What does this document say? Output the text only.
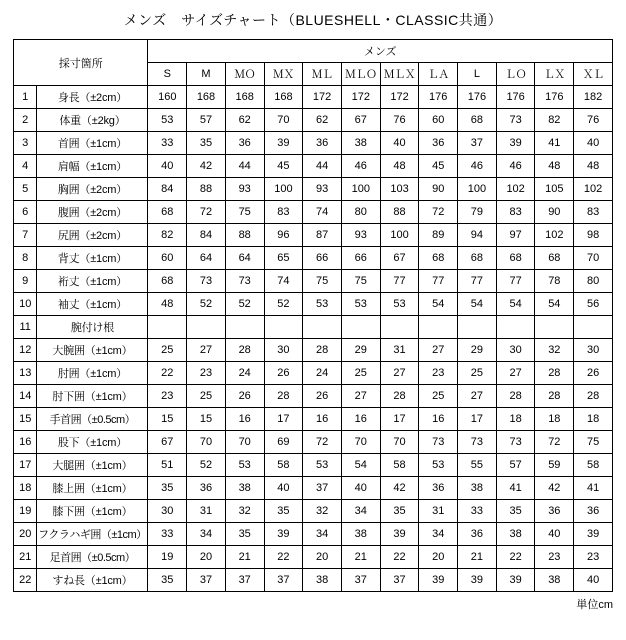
メンズ　サイズチャート（BLUESHELL・CLASSIC共通）
採寸箇所		メンズ											
		S	M	ＭＯ	ＭＸ	ＭＬ	ＭＬＯ	ＭＬＸ	ＬＡ	L	ＬＯ	ＬＸ	ＸＬ
1	身長（±2cm）	160	168	168	168	172	172	172	176	176	176	176	182
2	体重（±2kg）	53	57	62	70	62	67	76	60	68	73	82	76
3	首囲（±1cm）	33	35	36	39	36	38	40	36	37	39	41	40
4	肩幅（±1cm）	40	42	44	45	44	46	48	45	46	46	48	48
5	胸囲（±2cm）	84	88	93	100	93	100	103	90	100	102	105	102
6	腹囲（±2cm）	68	72	75	83	74	80	88	72	79	83	90	83
7	尻囲（±2cm）	82	84	88	96	87	93	100	89	94	97	102	98
8	背丈（±1cm）	60	64	64	65	66	66	67	68	68	68	68	70
9	裄丈（±1cm）	68	73	73	74	75	75	77	77	77	77	78	80
10	袖丈（±1cm）	48	52	52	52	53	53	53	54	54	54	54	56
11	腕付け根												
12	大腕囲（±1cm）	25	27	28	30	28	29	31	27	29	30	32	30
13	肘囲（±1cm）	22	23	24	26	24	25	27	23	25	27	28	26
14	肘下囲（±1cm）	23	25	26	28	26	27	28	25	27	28	28	28
15	手首囲（±0.5cm）	15	15	16	17	16	16	17	16	17	18	18	18
16	股下（±1cm）	67	70	70	69	72	70	70	73	73	73	72	75
17	大腿囲（±1cm）	51	52	53	58	53	54	58	53	55	57	59	58
18	膝上囲（±1cm）	35	36	38	40	37	40	42	36	38	41	42	41
19	膝下囲（±1cm）	30	31	32	35	32	34	35	31	33	35	36	36
20	フクラハギ囲（±1cm）	33	34	35	39	34	38	39	34	36	38	40	39
21	足首囲（±0.5cm）	19	20	21	22	20	21	22	20	21	22	23	23
22	すね長（±1cm）	35	37	37	37	38	37	37	39	39	39	38	40
単位cm
